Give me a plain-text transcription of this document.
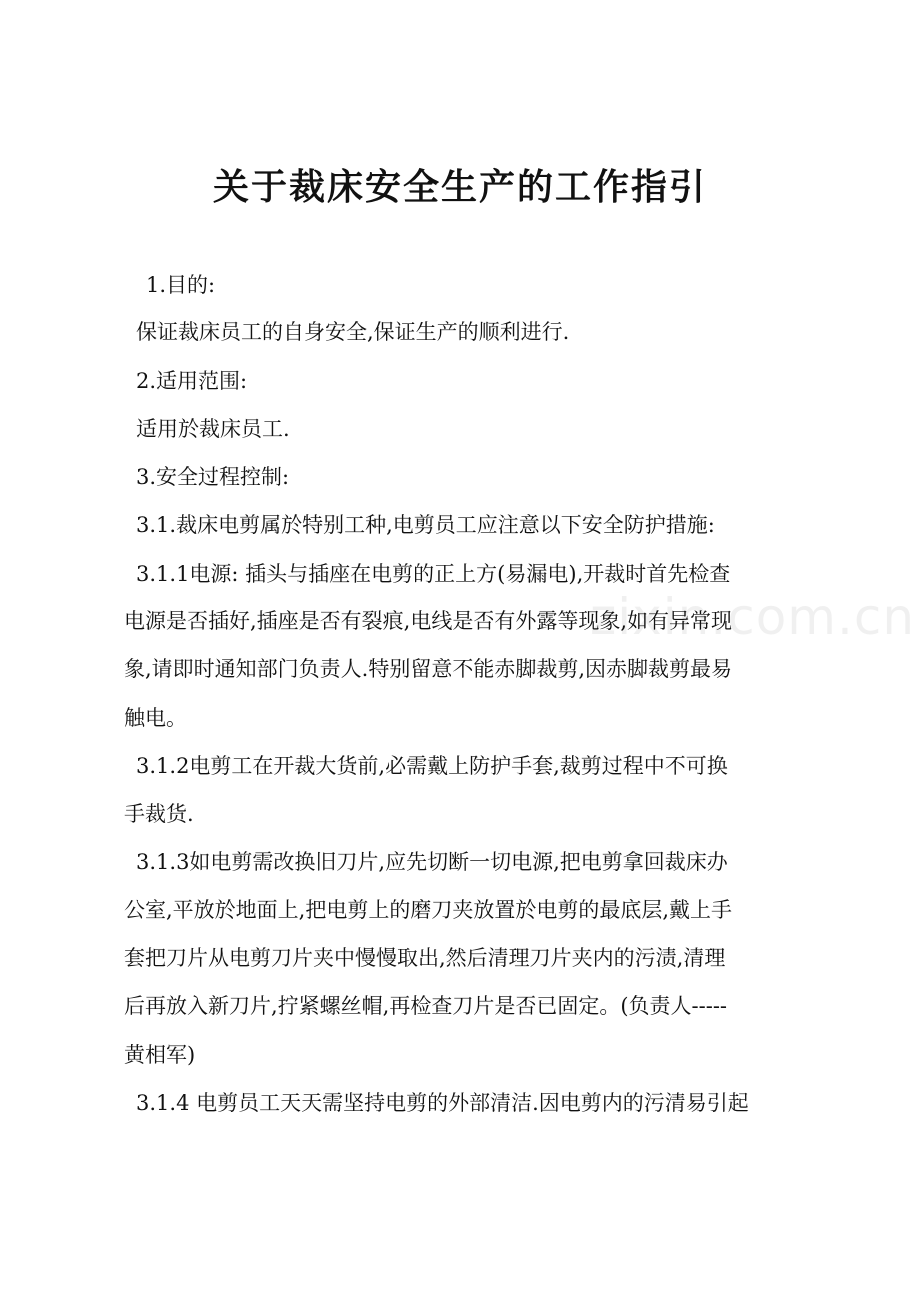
zixin.com.cn
关于裁床安全生产的工作指引

1.目的:

保证裁床员工的自身安全,保证生产的顺利进行.

2.适用范围:

适用於裁床员工.

3.安全过程控制:

3.1.裁床电剪属於特别工种,电剪员工应注意以下安全防护措施:

3.1.1电源: 插头与插座在电剪的正上方(易漏电),开裁时首先检查

电源是否插好,插座是否有裂痕,电线是否有外露等现象,如有异常现

象,请即时通知部门负责人.特别留意不能赤脚裁剪,因赤脚裁剪最易

触电。

3.1.2电剪工在开裁大货前,必需戴上防护手套,裁剪过程中不可换

手裁货.

3.1.3如电剪需改换旧刀片,应先切断一切电源,把电剪拿回裁床办

公室,平放於地面上,把电剪上的磨刀夹放置於电剪的最底层,戴上手

套把刀片从电剪刀片夹中慢慢取出,然后清理刀片夹内的污渍,清理

后再放入新刀片,拧紧螺丝帽,再检查刀片是否已固定。(负责人-----

黄相军)

3.1.4 电剪员工天天需坚持电剪的外部清洁.因电剪内的污清易引起
